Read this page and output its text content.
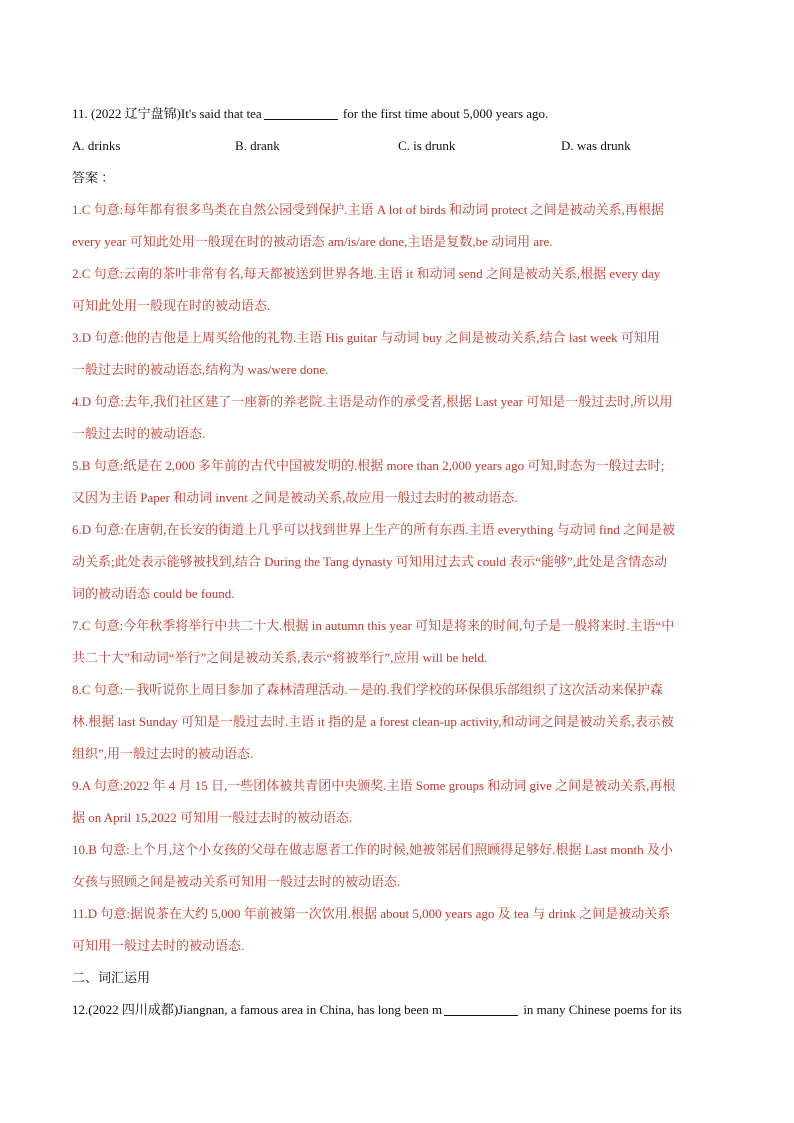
11. (2022 辽宁盘锦)It's said that tea	for the first time about 5,000 years ago.
A. drinks	B. drank	C. is drunk	D. was drunk
答案 ：
1.C 句意:每年都有很多鸟类在自然公园受到保护.主语 A lot of birds 和动词 protect 之间是被动关系,再根据
every year 可知此处用一般现在时的被动语态 am/is/are done,主语是复数,be 动词用 are.
2.C 句意:云南的茶叶非常有名,每天都被送到世界各地.主语 it 和动词 send 之间是被动关系,根据 every day
可知此处用一般现在时的被动语态.
3.D 句意:他的吉他是上周买给他的礼物.主语 His guitar 与动词 buy 之间是被动关系,结合 last week 可知用
一般过去时的被动语态,结构为 was/were done.
4.D 句意:去年,我们社区建了一座新的养老院.主语是动作的承受者,根据 Last year 可知是一般过去时,所以用
一般过去时的被动语态.
5.B 句意:纸是在 2,000 多年前的古代中国被发明的.根据 more than 2,000 years ago 可知,时态为一般过去时;
又因为主语 Paper 和动词 invent 之间是被动关系,故应用一般过去时的被动语态.
6.D 句意:在唐朝,在长安的街道上几乎可以找到世界上生产的所有东西.主语 everything 与动词 find 之间是被
动关系;此处表示能够被找到,结合 During the Tang dynasty 可知用过去式 could 表示“能够”,此处是含情态动
词的被动语态 could be found.
7.C 句意:今年秋季将举行中共二十大.根据 in autumn this year 可知是将来的时间,句子是一般将来时.主语“中
共二十大”和动词“举行”之间是被动关系,表示“将被举行”,应用 will be held.
8.C 句意:－我听说你上周日参加了森林清理活动.－是的.我们学校的环保俱乐部组织了这次活动来保护森
林.根据 last Sunday 可知是一般过去时.主语 it 指的是 a forest clean-up activity,和动词之间是被动关系,表示被
组织”,用一般过去时的被动语态.
9.A 句意:2022 年 4 月 15 日,一些团体被共青团中央颁奖.主语 Some groups 和动词 give 之间是被动关系,再根
据 on April 15,2022 可知用一般过去时的被动语态.
10.B 句意:上个月,这个小女孩的父母在做志愿者工作的时候,她被邻居们照顾得足够好.根据 Last month 及小
女孩与照顾之间是被动关系可知用一般过去时的被动语态.
11.D 句意:据说茶在大约 5,000 年前被第一次饮用.根据 about 5,000 years ago 及 tea 与 drink 之间是被动关系
可知用一般过去时的被动语态.
二、词汇运用
12.(2022 四川成都)Jiangnan, a famous area in China, has long been m	in many Chinese poems for its
